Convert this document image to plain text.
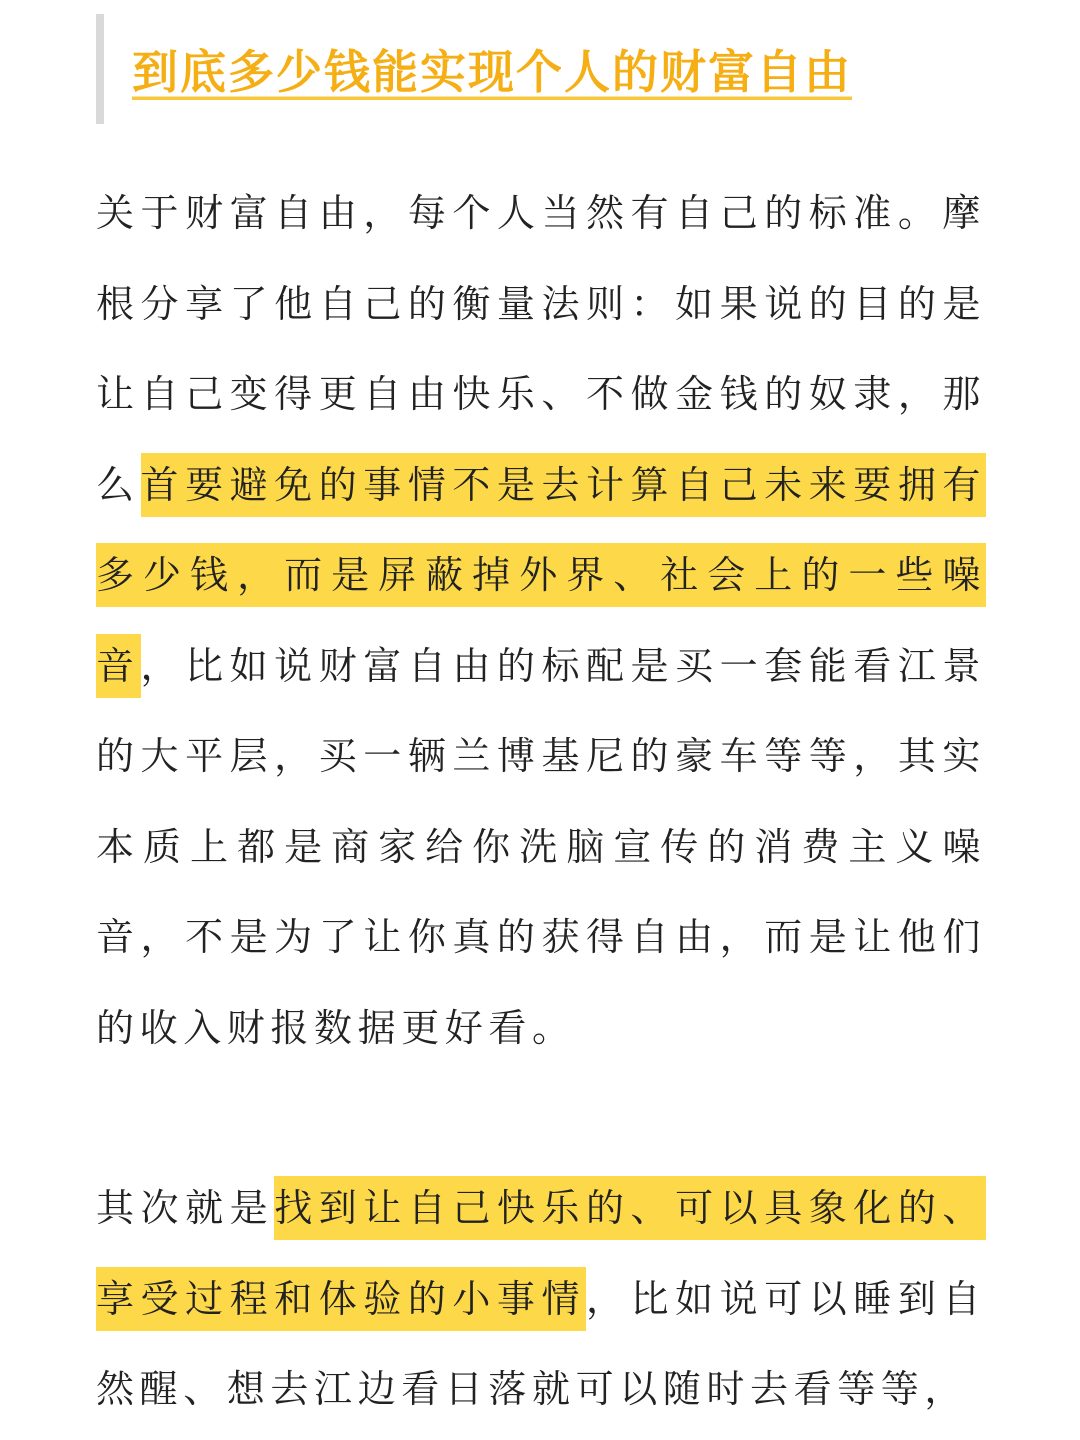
到底多少钱能实现个人的财富自由

关于财富自由，每个人当然有自己的标准。摩根分享了他自己的衡量法则：如果说的目的是让自己变得更自由快乐、不做金钱的奴隶，那么首要避免的事情不是去计算自己未来要拥有多少钱，而是屏蔽掉外界、社会上的一些噪音，比如说财富自由的标配是买一套能看江景的大平层，买一辆兰博基尼的豪车等等，其实本质上都是商家给你洗脑宣传的消费主义噪音，不是为了让你真的获得自由，而是让他们的收入财报数据更好看。

其次就是找到让自己快乐的、可以具象化的、享受过程和体验的小事情，比如说可以睡到自然醒、想去江边看日落就可以随时去看等等，
